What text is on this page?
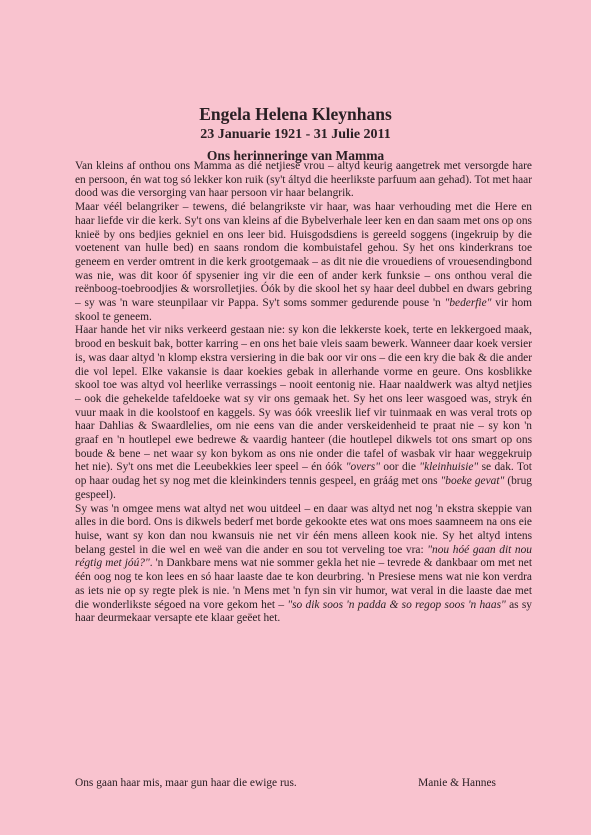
Engela Helena Kleynhans
23 Januarie 1921 - 31 Julie 2011
Ons herinneringe van Mamma

Van kleins af onthou ons Mamma as dié netjiese vrou – altyd keurig aangetrek met versorgde hare en persoon, én wat tog só lekker kon ruik (sy't áltyd die heerlikste parfuum aan gehad). Tot met haar dood was die versorging van haar persoon vir haar belangrik.

Maar véél belangriker – tewens, dié belangrikste vir haar, was haar verhouding met die Here en haar liefde vir die kerk. Sy't ons van kleins af die Bybelverhale leer ken en dan saam met ons op ons knieë by ons bedjies gekniel en ons leer bid. Huisgodsdiens is gereeld soggens (ingekruip by die voetenent van hulle bed) en saans rondom die kombuistafel gehou. Sy het ons kinderkrans toe geneem en verder omtrent in die kerk grootgemaak – as dit nie die vrouediens of vrouesendingbond was nie, was dit koor óf spysenier ing vir die een of ander kerk funksie – ons onthou veral die reënboog-toebroodjies & worsrolletjies. Óók by die skool het sy haar deel dubbel en dwars gebring – sy was 'n ware steunpilaar vir Pappa. Sy't soms sommer gedurende pouse 'n "bederfie" vir hom skool te geneem.

Haar hande het vir niks verkeerd gestaan nie: sy kon die lekkerste koek, terte en lekkergoed maak, brood en beskuit bak, botter karring – en ons het baie vleis saam bewerk. Wanneer daar koek versier is, was daar altyd 'n klomp ekstra versiering in die bak oor vir ons – die een kry die bak & die ander die vol lepel. Elke vakansie is daar koekies gebak in allerhande vorme en geure. Ons kosblikke skool toe was altyd vol heerlike verrassings – nooit eentonig nie. Haar naaldwerk was altyd netjies – ook die gehekelde tafeldoeke wat sy vir ons gemaak het. Sy het ons leer wasgoed was, stryk én vuur maak in die koolstoof en kaggels. Sy was óók vreeslik lief vir tuinmaak en was veral trots op haar Dahlias & Swaardlelies, om nie eens van die ander verskeidenheid te praat nie – sy kon 'n graaf en 'n houtlepel ewe bedrewe & vaardig hanteer (die houtlepel dikwels tot ons smart op ons boude & bene – net waar sy kon bykom as ons nie onder die tafel of wasbak vir haar weggekruip het nie). Sy't ons met die Leeubekkies leer speel – én óók "overs" oor die "kleinhuisie" se dak. Tot op haar oudag het sy nog met die kleinkinders tennis gespeel, en gráág met ons "boeke gevat" (brug gespeel).

Sy was 'n omgee mens wat altyd net wou uitdeel – en daar was altyd net nog 'n ekstra skeppie van alles in die bord. Ons is dikwels bederf met borde gekookte etes wat ons moes saamneem na ons eie huise, want sy kon dan nou kwansuis nie net vir één mens alleen kook nie. Sy het altyd intens belang gestel in die wel en weë van die ander en sou tot verveling toe vra: "nou hóé gaan dit nou régtig met jóú?". 'n Dankbare mens wat nie sommer gekla het nie – tevrede & dankbaar om met net één oog nog te kon lees en só haar laaste dae te kon deurbring. 'n Presiese mens wat nie kon verdra as iets nie op sy regte plek is nie. 'n Mens met 'n fyn sin vir humor, wat veral in die laaste dae met die wonderlikste ségoed na vore gekom het – "so dik soos 'n padda & so regop soos 'n haas" as sy haar deurmekaar versapte ete klaar geëet het.

Ons gaan haar mis, maar gun haar die ewige rus.	Manie & Hannes
